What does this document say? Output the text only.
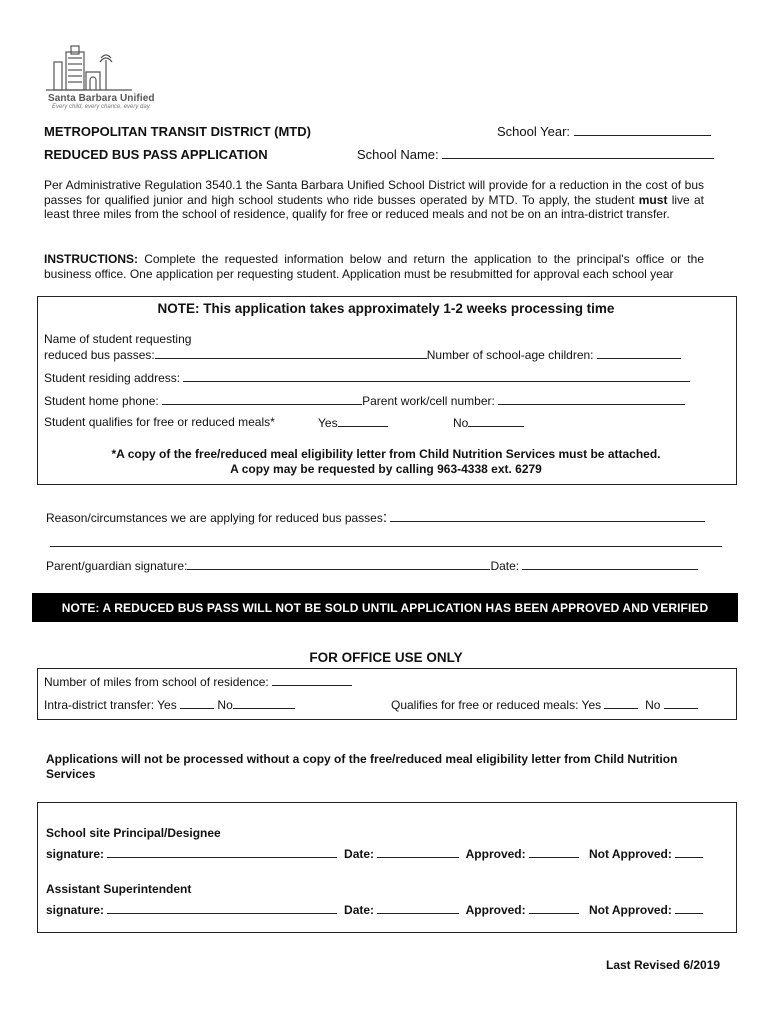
Santa Barbara Unified
Every child, every chance, every day.
METROPOLITAN TRANSIT DISTRICT (MTD)	School Year:
REDUCED BUS PASS APPLICATION	School Name:
Per Administrative Regulation 3540.1 the Santa Barbara Unified School District will provide for a reduction in the cost of bus passes for qualified junior and high school students who ride busses operated by MTD. To apply, the student must live at least three miles from the school of residence, qualify for free or reduced meals and not be on an intra-district transfer.
INSTRUCTIONS: Complete the requested information below and return the application to the principal's office or the business office. One application per requesting student. Application must be resubmitted for approval each school year
NOTE: This application takes approximately 1-2 weeks processing time
Name of student requesting
reduced bus passes:	Number of school-age children:
Student residing address:
Student home phone:	Parent work/cell number:
Student qualifies for free or reduced meals*	Yes	No
*A copy of the free/reduced meal eligibility letter from Child Nutrition Services must be attached.
A copy may be requested by calling 963-4338 ext. 6279
Reason/circumstances we are applying for reduced bus passes:
Parent/guardian signature:	Date:
NOTE: A REDUCED BUS PASS WILL NOT BE SOLD UNTIL APPLICATION HAS BEEN APPROVED AND VERIFIED
FOR OFFICE USE ONLY
Number of miles from school of residence:
Intra-district transfer: Yes	No	Qualifies for free or reduced meals: Yes	No
Applications will not be processed without a copy of the free/reduced meal eligibility letter from Child Nutrition Services
School site Principal/Designee
signature:	Date:	Approved:	Not Approved:
Assistant Superintendent
signature:	Date:	Approved:	Not Approved:
Last Revised 6/2019
